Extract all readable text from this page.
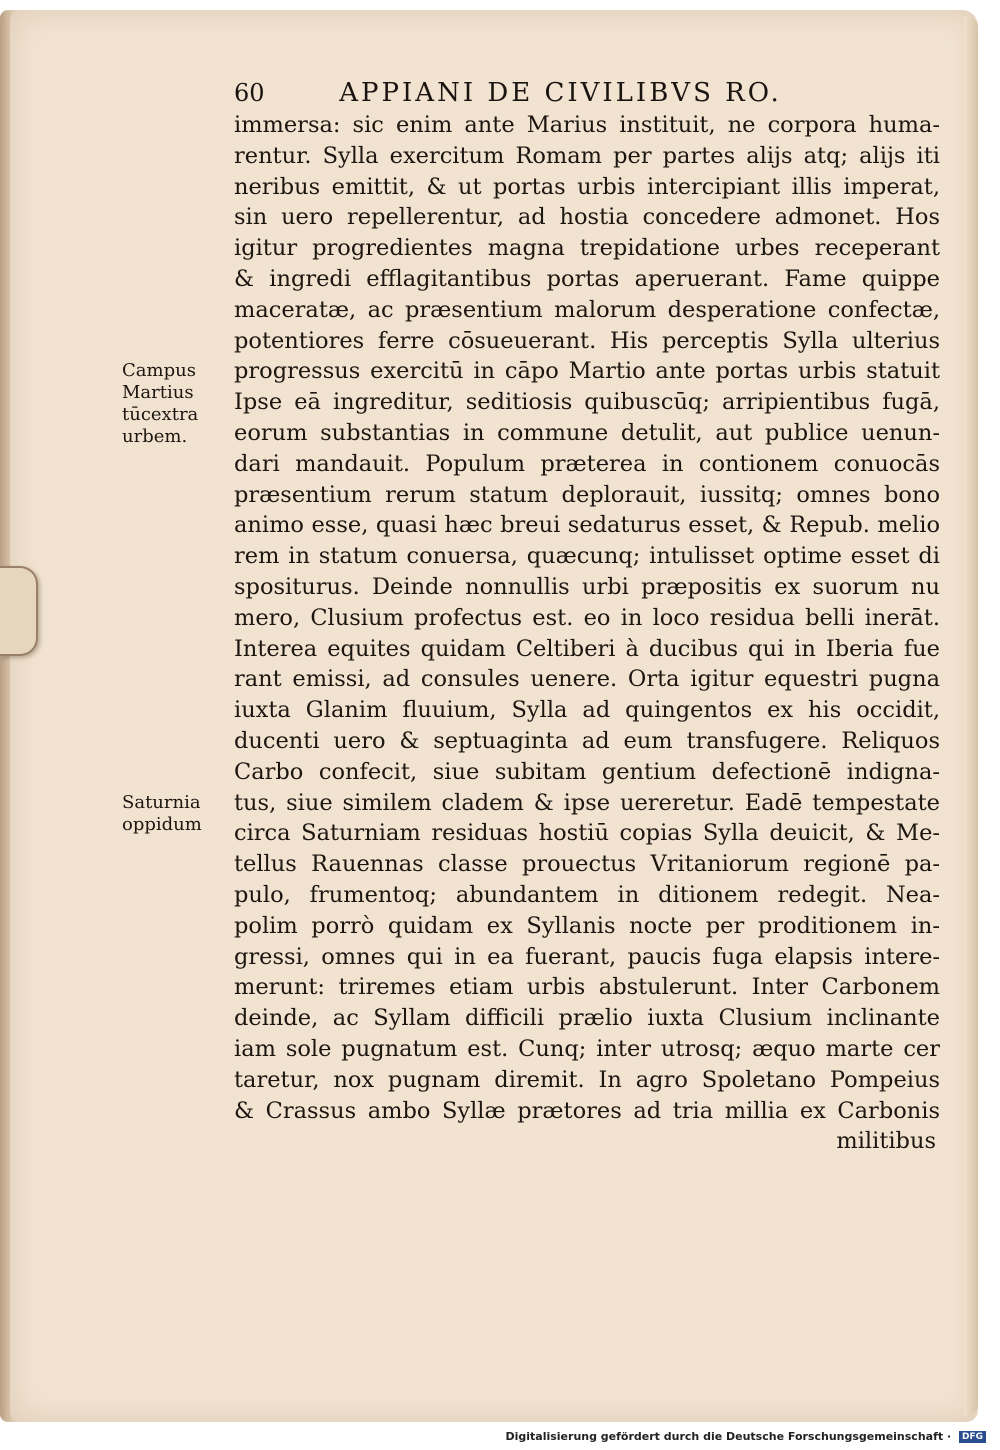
60	APPIANI DE CIVILIBVS RO.
Campus
Martius
tūcextra
urbem.
Saturnia
oppidum
immersa: sic enim ante Marius instituit, ne corpora huma-
rentur. Sylla exercitum Romam per partes alijs atq; alijs iti
neribus emittit, & ut portas urbis intercipiant illis imperat,
sin uero repellerentur, ad hostia concedere admonet. Hos
igitur progredientes magna trepidatione urbes receperant
& ingredi efflagitantibus portas aperuerant. Fame quippe
maceratæ, ac præsentium malorum desperatione confectæ,
potentiores ferre cōsueuerant. His perceptis Sylla ulterius
progressus exercitū in cāpo Martio ante portas urbis statuit
Ipse eā ingreditur, seditiosis quibuscūq; arripientibus fugā,
eorum substantias in commune detulit, aut publice uenun-
dari mandauit. Populum præterea in contionem conuocās
præsentium rerum statum deplorauit, iussitq; omnes bono
animo esse, quasi hæc breui sedaturus esset, & Repub. melio
rem in statum conuersa, quæcunq; intulisset optime esset di
spositurus. Deinde nonnullis urbi præpositis ex suorum nu
mero, Clusium profectus est. eo in loco residua belli inerāt.
Interea equites quidam Celtiberi à ducibus qui in Iberia fue
rant emissi, ad consules uenere. Orta igitur equestri pugna
iuxta Glanim fluuium, Sylla ad quingentos ex his occidit,
ducenti uero & septuaginta ad eum transfugere. Reliquos
Carbo confecit, siue subitam gentium defectionē indigna-
tus, siue similem cladem & ipse uereretur. Eadē tempestate
circa Saturniam residuas hostiū copias Sylla deuicit, & Me-
tellus Rauennas classe prouectus Vritaniorum regionē pa-
pulo, frumentoq; abundantem in ditionem redegit. Nea-
polim porrò quidam ex Syllanis nocte per proditionem in-
gressi, omnes qui in ea fuerant, paucis fuga elapsis intere-
merunt: triremes etiam urbis abstulerunt. Inter Carbonem
deinde, ac Syllam difficili prælio iuxta Clusium inclinante
iam sole pugnatum est. Cunq; inter utrosq; æquo marte cer
taretur, nox pugnam diremit. In agro Spoletano Pompeius
& Crassus ambo Syllæ prætores ad tria millia ex Carbonis
militibus
Digitalisierung gefördert durch die Deutsche Forschungsgemeinschaft · DFG
